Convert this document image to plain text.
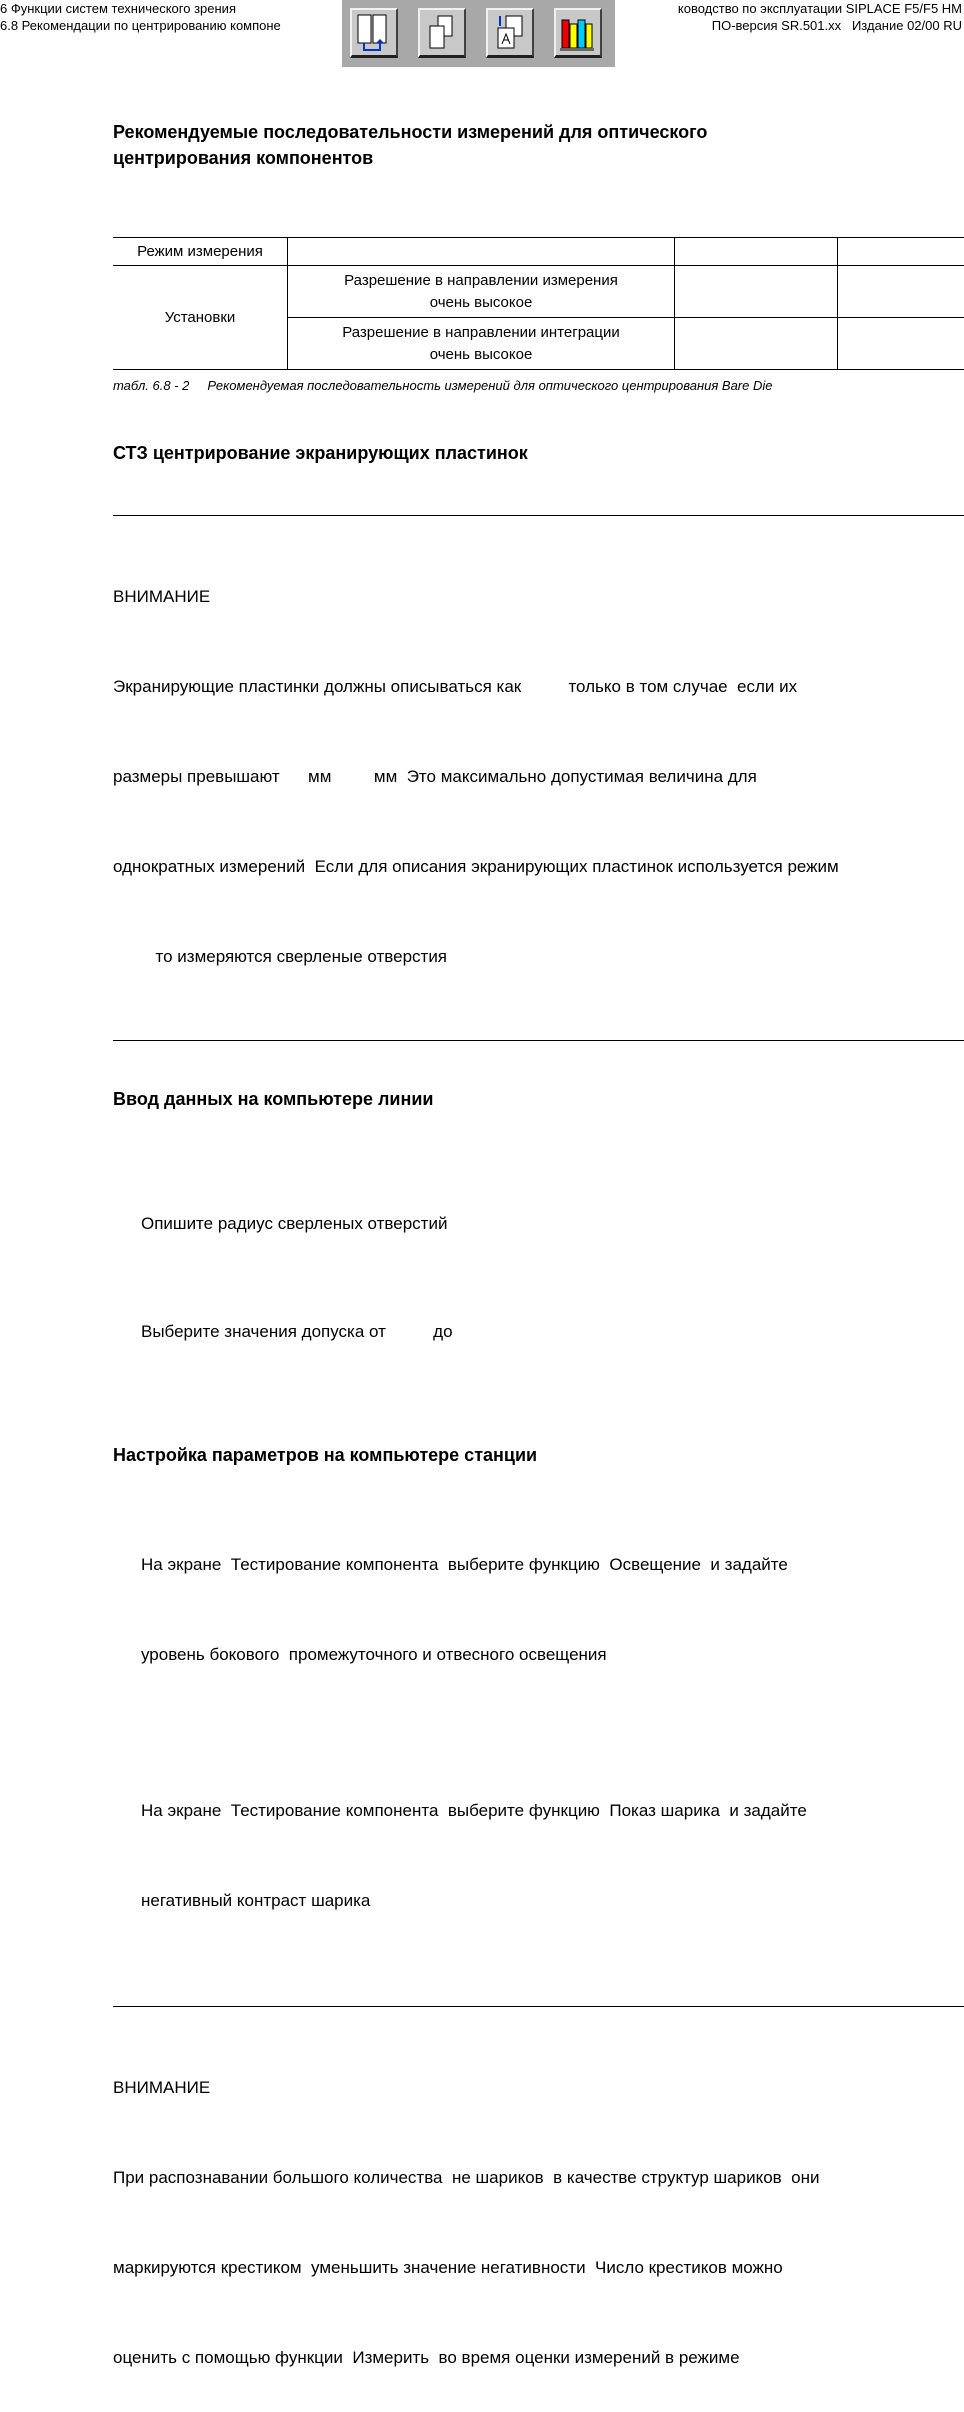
6 Функции систем технического зрения
6.8 Рекомендации по центрированию компоне
ководство по эксплуатации SIPLACE F5/F5 HM
ПО-версия SR.501.xx   Издание 02/00 RU
Рекомендуемые последовательности измерений для оптического
центрирования компонентов
Режим измерения			
Установки	Разрешение в направлении измерения
очень высокое		

	Разрешение в направлении интеграции
очень высокое		

табл. 6.8 - 2     Рекомендуемая последовательность измерений для оптического центрирования Bare Die
СТЗ центрирование экранирующих пластинок

ВНИМАНИЕ

Экранирующие пластинки должны описываться как          только в том случае  если их

размеры превышают      мм         мм  Это максимально допустимая величина для

однократных измерений  Если для описания экранирующих пластинок используется режим

то измеряются сверленые отверстия

Ввод данных на компьютере линии

Опишите радиус сверленых отверстий

Выберите значения допуска от          до

Настройка параметров на компьютере станции

На экране  Тестирование компонента  выберите функцию  Освещение  и задайте

уровень бокового  промежуточного и отвесного освещения

На экране  Тестирование компонента  выберите функцию  Показ шарика  и задайте

негативный контраст шарика

ВНИМАНИЕ

При распознавании большого количества  не шариков  в качестве структур шариков  они

маркируются крестиком  уменьшить значение негативности  Число крестиков можно

оценить с помощью функции  Измерить  во время оценки измерений в режиме
